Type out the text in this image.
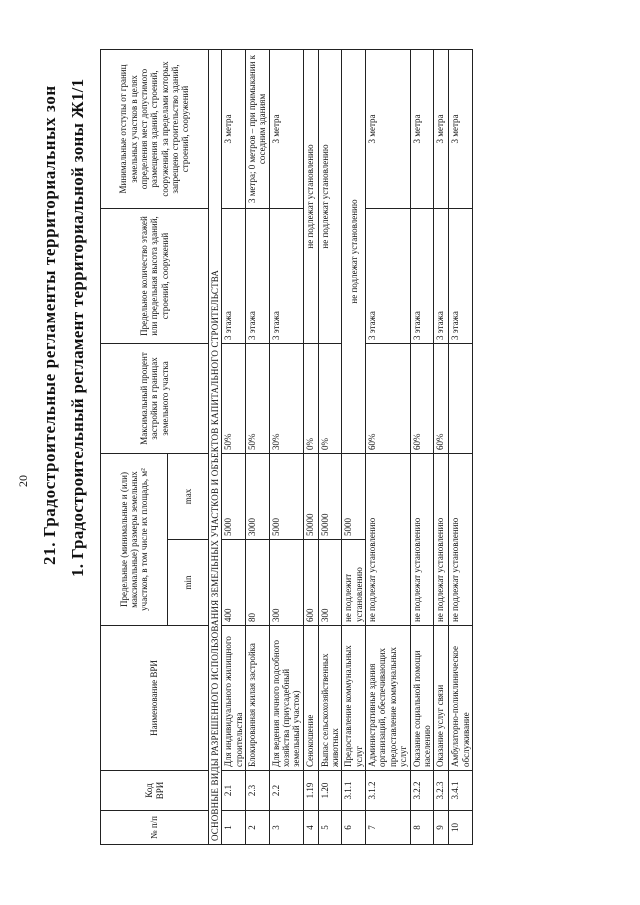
20 21. Градостроительные регламенты территориальных зон 1. Градостроительный регламент территориальной зоны Ж1/1
№ п/п	Код ВРИ	Наименование ВРИ	Предельные (минимальные и (или) максимальные) размеры земельных участков, в том числе их площадь, м²		Максимальный процент застройки в границах земельного участка	Предельное количество этажей или предельная высота зданий, строений, сооружений	Минимальные отступы от границ земельных участков в целях определения мест допустимого размещения зданий, строений, сооружений, за пределами которых запрещено строительство зданий, строений, сооружений
			min	max			
ОСНОВНЫЕ ВИДЫ РАЗРЕШЕННОГО ИСПОЛЬЗОВАНИЯ ЗЕМЕЛЬНЫХ УЧАСТКОВ И ОБЪЕКТОВ КАПИТАЛЬНОГО СТРОИТЕЛЬСТВА							
1	2.1	Для индивидуального жилищного строительства	400	5000	50%	3 этажа	3 метра
2	2.3	Блокированная жилая застройка	80	3000	50%	3 этажа	3 метра; 0 метров – при примыкании к соседним зданиям
3	2.2	Для ведения личного подсобного хозяйства (приусадебный земельный участок)	300	5000	30%	3 этажа	3 метра
4	1.19	Сенокошение	600	50000	0%	не подлежат установлению	
5	1.20	Выпас сельскохозяйственных животных	300	50000	0%	не подлежат установлению	
6	3.1.1	Предоставление коммунальных услуг	не подлежит установлению	5000	не подлежат установлению		
7	3.1.2	Административные здания организаций, обеспечивающих предоставление коммунальных услуг	не подлежат установлению		60%	3 этажа	3 метра
8	3.2.2	Оказание социальной помощи населению	не подлежат установлению		60%	3 этажа	3 метра
9	3.2.3	Оказание услуг связи	не подлежат установлению		60%	3 этажа	3 метра
10	3.4.1	Амбулаторно-поликлиническое обслуживание	не подлежат установлению			3 этажа	3 метра
